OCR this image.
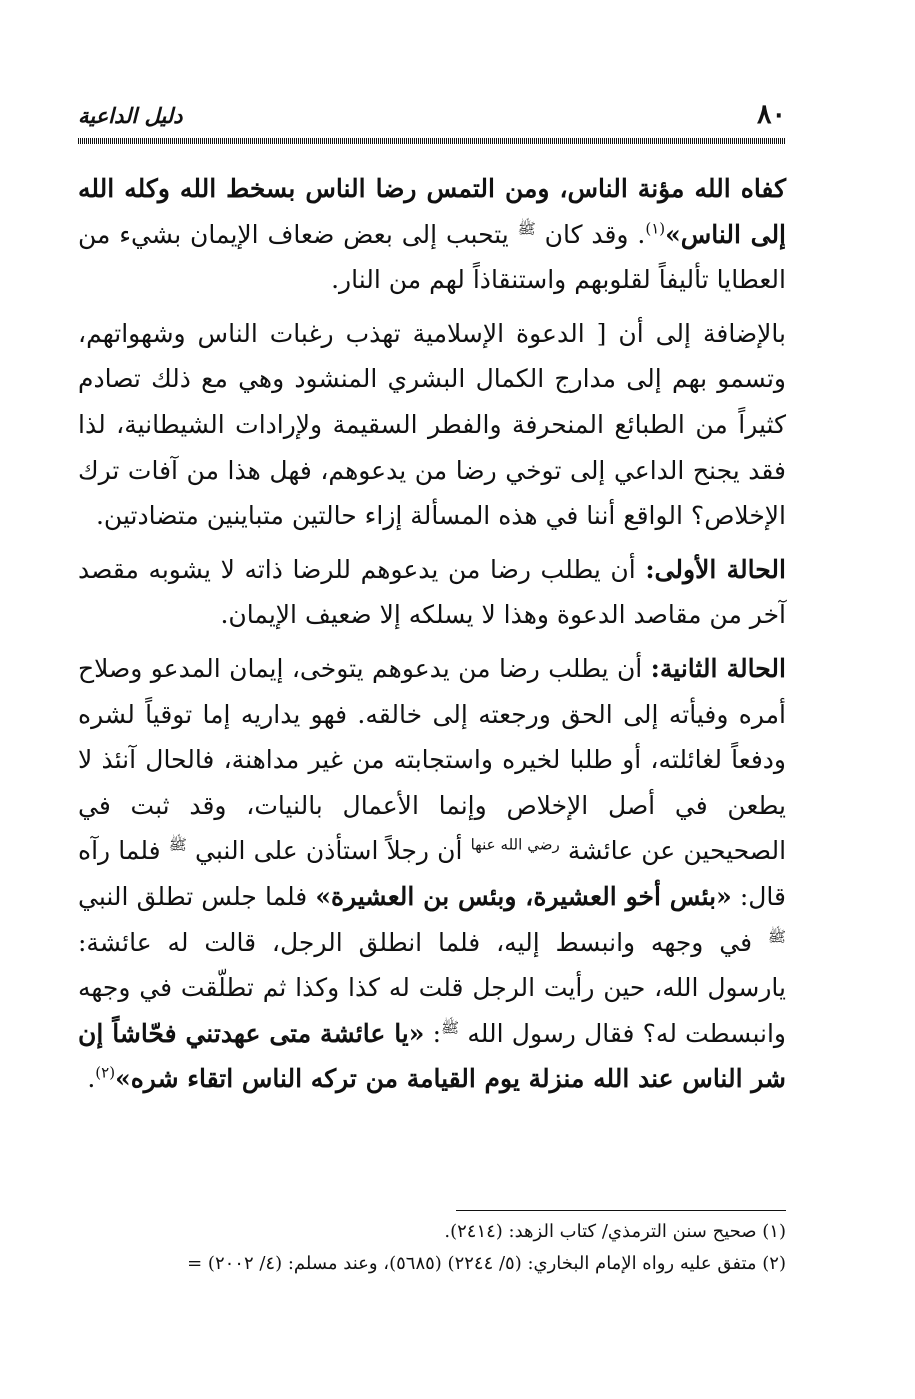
٨٠
دليل الداعية

كفاه الله مؤنة الناس، ومن التمس رضا الناس بسخط الله وكله الله إلى الناس»$^{(١)}$. وقد كان $^ﷺ$ يتحبب إلى بعض ضعاف الإيمان بشيء من العطايا تأليفاً لقلوبهم واستنقاذاً لهم من النار.

بالإضافة إلى أن [ الدعوة الإسلامية تهذب رغبات الناس وشهواتهم، وتسمو بهم إلى مدارج الكمال البشري المنشود وهي مع ذلك تصادم كثيراً من الطبائع المنحرفة والفطر السقيمة ولإرادات الشيطانية، لذا فقد يجنح الداعي إلى توخي رضا من يدعوهم، فهل هذا من آفات ترك الإخلاص؟ الواقع أننا في هذه المسألة إزاء حالتين متباينين متضادتين.

الحالة الأولى: أن يطلب رضا من يدعوهم للرضا ذاته لا يشوبه مقصد آخر من مقاصد الدعوة وهذا لا يسلكه إلا ضعيف الإيمان.

الحالة الثانية: أن يطلب رضا من يدعوهم يتوخى، إيمان المدعو وصلاح أمره وفيأته إلى الحق ورجعته إلى خالقه. فهو يداريه إما توقياً لشره ودفعاً لغائلته، أو طلبا لخيره واستجابته من غير مداهنة، فالحال آنئذ لا يطعن في أصل الإخلاص وإنما الأعمال بالنيات، وقد ثبت في الصحيحين عن عائشة $^{رضي الله عنها}$ أن رجلاً استأذن على النبي $^ﷺ$ فلما رآه قال: «بئس أخو العشيرة، وبئس بن العشيرة» فلما جلس تطلق النبي $^ﷺ$ في وجهه وانبسط إليه، فلما انطلق الرجل، قالت له عائشة: يارسول الله، حين رأيت الرجل قلت له كذا وكذا ثم تطلّقت في وجهه وانبسطت له؟ فقال رسول الله $^ﷺ$: «يا عائشة متى عهدتني فحّاشاً إن شر الناس عند الله منزلة يوم القيامة من تركه الناس اتقاء شره»$^{(٢)}$.

(١) صحيح سنن الترمذي/ كتاب الزهد: (٢٤١٤).
(٢) متفق عليه رواه الإمام البخاري: (٥/ ٢٢٤٤) (٥٦٨٥)، وعند مسلم: (٤/ ٢٠٠٢) =
